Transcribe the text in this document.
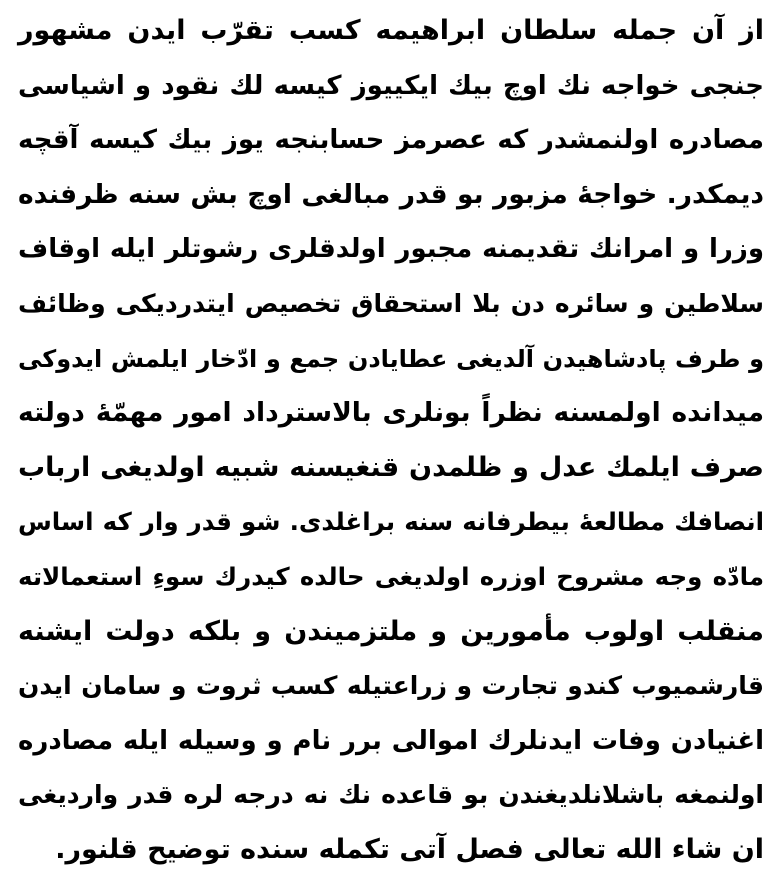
از آن جمله سلطان ابراهیمه کسب تقرّب ایدن مشهور
جنجی خواجه نك اوچ بیك ایكییوز كیسه لك نقود و اشیاسی
مصادره اولنمشدر كه عصرمز حسابنجه یوز بیك كیسه آقچه
دیمكدر. خواجهٔ مزبور بو قدر مبالغی اوچ بش سنه ظرفنده
وزرا و امرانك تقدیمنه مجبور اولدقلری رشوتلر ایله اوقاف
سلاطین و سائره دن بلا استحقاق تخصیص ایتدردیكی وظائف
و طرف پادشاهیدن آلدیغی عطایادن جمع و ادّخار ایلمش ایدوكی
میدانده اولمسنه نظراً بونلری بالاسترداد امور مهمّهٔ دولته
صرف ایلمك عدل و ظلمدن قنغیسنه شبیه اولدیغی ارباب
انصافك مطالعهٔ بیطرفانه سنه براغلدی. شو قدر وار كه اساس
مادّه وجه مشروح اوزره اولدیغی حالده كیدرك سوءِ استعمالاته
منقلب اولوب مأمورین و ملتزمیندن و بلكه دولت ایشنه
قارشمیوب كندو تجارت و زراعتیله كسب ثروت و سامان ایدن
اغنیادن وفات ایدنلرك اموالی برر نام و وسیله ایله مصادره
اولنمغه باشلانلدیغندن بو قاعده نك نه درجه لره قدر واردیغی
ان شاء الله تعالی فصل آتی تكمله سنده توضیح قلنور.
